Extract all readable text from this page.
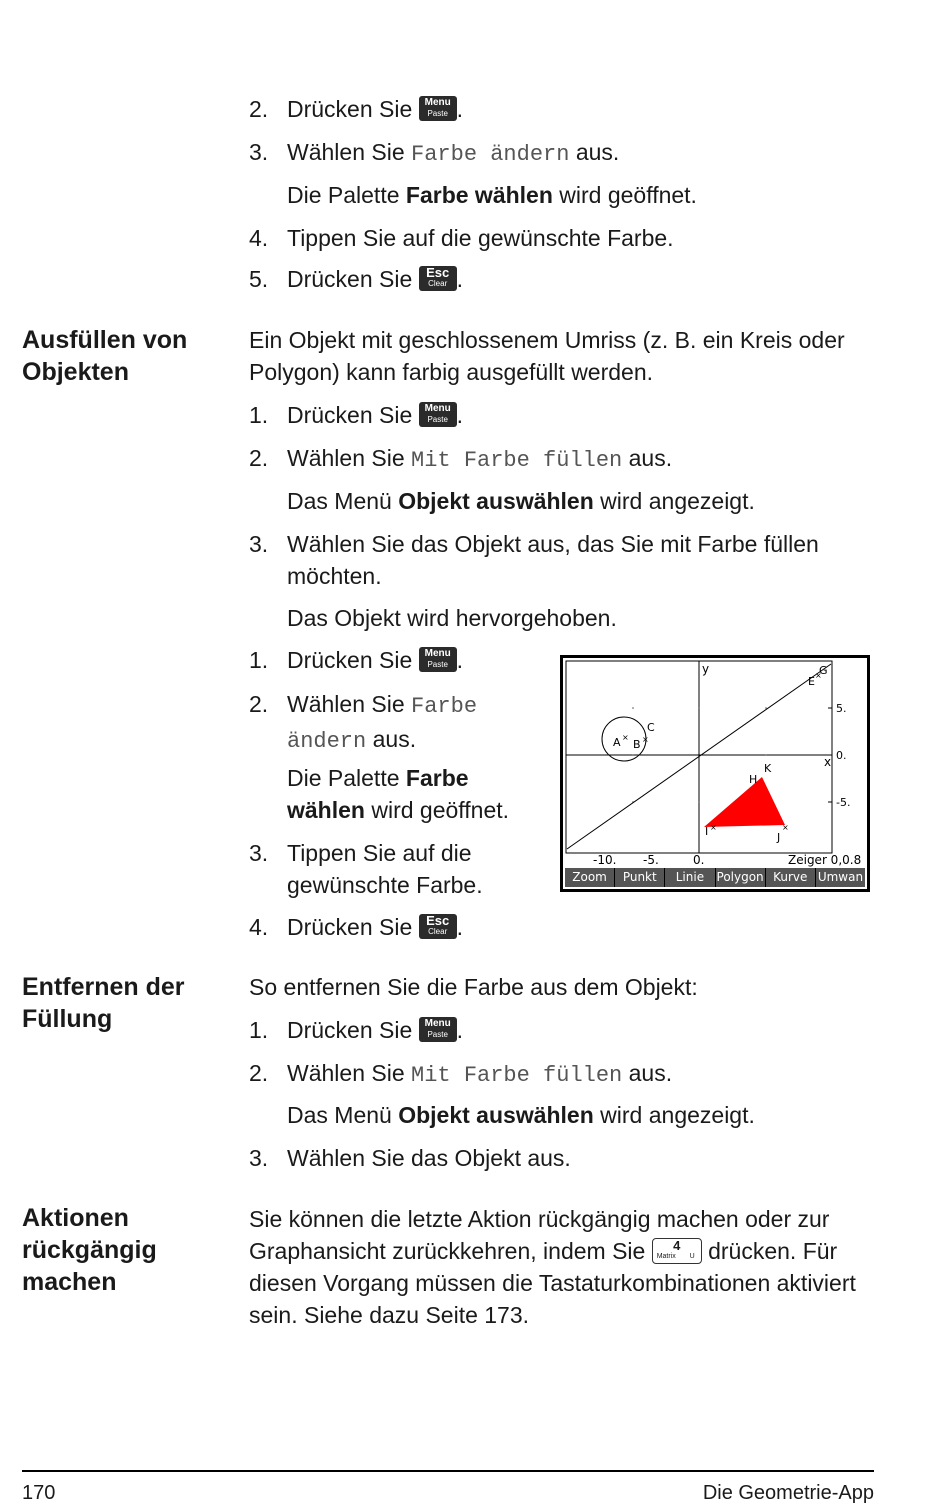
2. Drücken Sie	Menu
Paste .
3. Wählen Sie Farbe ändern aus.
Die Palette Farbe wählen wird geöffnet.
4. Tippen Sie auf die gewünschte Farbe.
5. Drücken Sie	Esc
Clear .
Ausfüllen von
Objekten
Ein Objekt mit geschlossenem Umriss (z. B. ein Kreis oder
Polygon) kann farbig ausgefüllt werden.
1. Drücken Sie	Menu
Paste .
2. Wählen Sie Mit Farbe füllen aus.
Das Menü Objekt auswählen wird angezeigt.
3. Wählen Sie das Objekt aus, das Sie mit Farbe füllen
möchten.
Das Objekt wird hervorgehoben.
1. Drücken Sie	Menu
Paste .
2. Wählen Sie Farbe
ändern aus.
Die Palette Farbe
wählen wird geöffnet.
3. Tippen Sie auf die
gewünschte Farbe.
4. Drücken Sie	Esc
Clear .
A ×
B ×
C
E ×
G
H
K
I ×
J
×
y
x
5.
0.
-5.
-10. -5.	0.	Zeiger 0,0.8
Zoom	Punkt	Linie	Polygon Kurve Umwan
Entfernen der
Füllung
So entfernen Sie die Farbe aus dem Objekt:
1. Drücken Sie	Menu
Paste .
2. Wählen Sie Mit Farbe füllen aus.
Das Menü Objekt auswählen wird angezeigt.
3. Wählen Sie das Objekt aus.
Aktionen
rückgängig
machen
Sie können die letzte Aktion rückgängig machen oder zur
Graphansicht zurückkehren, indem Sie	4
Matrix U drücken. Für
diesen Vorgang müssen die Tastaturkombinationen aktiviert
sein. Siehe dazu Seite 173.
170	Die Geometrie-App
